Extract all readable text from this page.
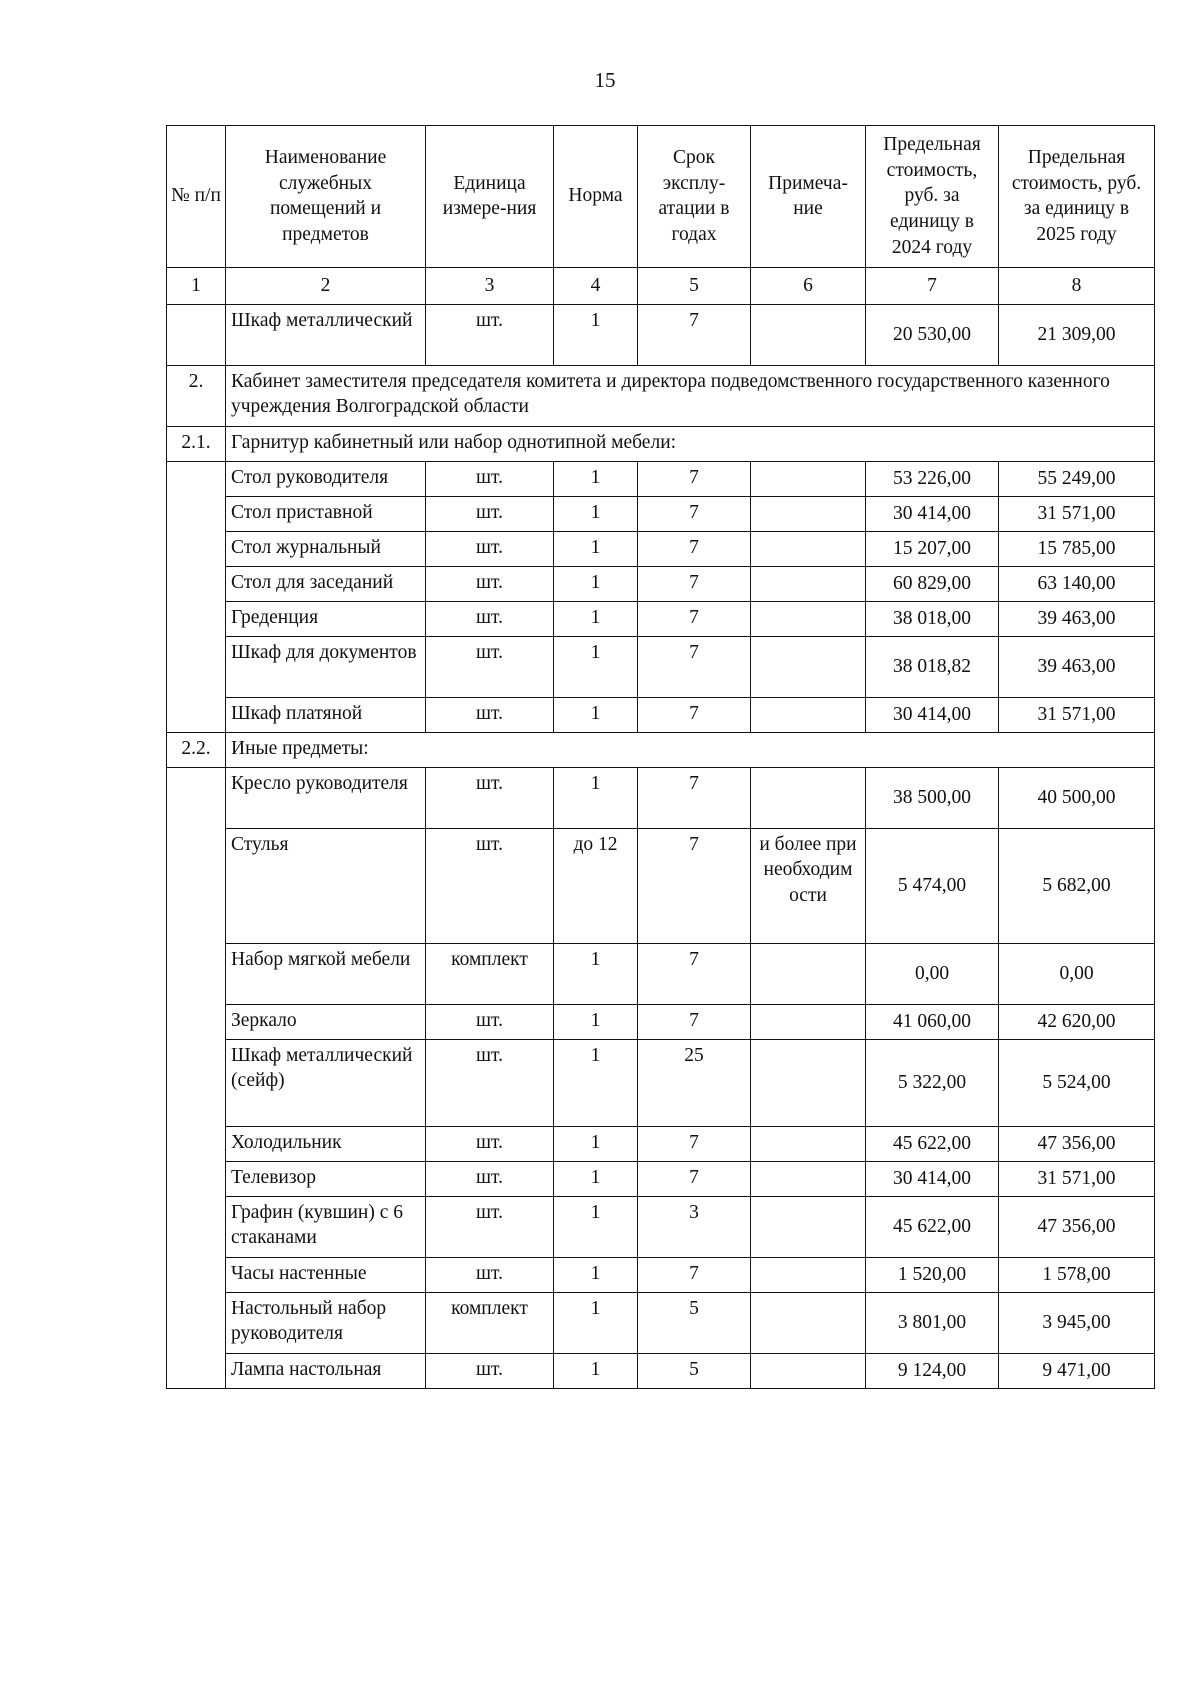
15
№ п/п	Наименование служебных помещений и предметов	Единица измере-ния	Норма	Срок эксплу-атации в годах	Примеча-ние	Предельная стоимость, руб. за единицу в 2024 году	Предельная стоимость, руб. за единицу в 2025 году
1	2	3	4	5	6	7	8
	Шкаф металлический	шт.	1	7		20 530,00	21 309,00
2.	Кабинет заместителя председателя комитета и директора подведомственного государственного казенного учреждения Волгоградской области						
2.1.	Гарнитур кабинетный или набор однотипной мебели:						
	Стол руководителя	шт.	1	7		53 226,00	55 249,00
	Стол приставной	шт.	1	7		30 414,00	31 571,00
	Стол журнальный	шт.	1	7		15 207,00	15 785,00
	Стол для заседаний	шт.	1	7		60 829,00	63 140,00
	Греденция	шт.	1	7		38 018,00	39 463,00
	Шкаф для документов	шт.	1	7		38 018,82	39 463,00
	Шкаф платяной	шт.	1	7		30 414,00	31 571,00
2.2.	Иные предметы:						
	Кресло руководителя	шт.	1	7		38 500,00	40 500,00
	Стулья	шт.	до 12	7	и более при необходим ости	5 474,00	5 682,00
	Набор мягкой мебели	комплект	1	7		0,00	0,00
	Зеркало	шт.	1	7		41 060,00	42 620,00
	Шкаф металлический (сейф)	шт.	1	25		5 322,00	5 524,00
	Холодильник	шт.	1	7		45 622,00	47 356,00
	Телевизор	шт.	1	7		30 414,00	31 571,00
	Графин (кувшин) с 6 стаканами	шт.	1	3		45 622,00	47 356,00
	Часы настенные	шт.	1	7		1 520,00	1 578,00
	Настольный набор руководителя	комплект	1	5		3 801,00	3 945,00
	Лампа настольная	шт.	1	5		9 124,00	9 471,00
